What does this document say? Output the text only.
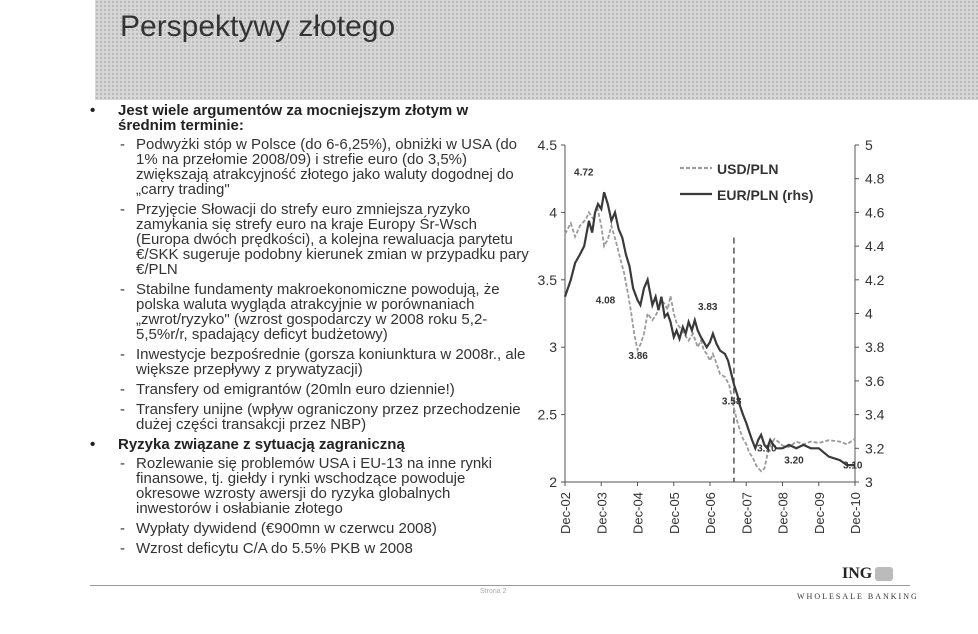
Perspektywy złotego
• Jest wiele argumentów za mocniejszym złotym w średnim terminie:
- Podwyżki stóp w Polsce (do 6-6,25%), obniżki w USA (do 1% na przełomie 2008/09) i strefie euro (do 3,5%) zwiększają atrakcyjność złotego jako waluty dogodnej do „carry trading"
- Przyjęcie Słowacji do strefy euro zmniejsza ryzyko zamykania się strefy euro na kraje Europy Śr-Wsch (Europa dwóch prędkości), a kolejna rewaluacja parytetu €/SKK sugeruje podobny kierunek zmian w przypadku pary €/PLN
- Stabilne fundamenty makroekonomiczne powodują, że polska waluta wygląda atrakcyjnie w porównaniach „zwrot/ryzyko" (wzrost gospodarczy w 2008 roku 5,2-5,5%r/r, spadający deficyt budżetowy)
- Inwestycje bezpośrednie (gorsza koniunktura w 2008r., ale większe przepływy z prywatyzacji)
- Transfery od emigrantów (20mln euro dziennie!)
- Transfery unijne (wpływ ograniczony przez przechodzenie dużej części transakcji przez NBP)
• Ryzyka związane z sytuacją zagraniczną
- Rozlewanie się problemów USA i EU-13 na inne rynki finansowe, tj. giełdy i rynki wschodzące powoduje okresowe wzrosty awersji do ryzyka globalnych inwestorów i osłabianie złotego
- Wypłaty dywidend (€900mn w czerwcu 2008)
- Wzrost deficytu C/A do 5.5% PKB w 2008
2
2.5
3
3.5
4
4.5
3
3.2
3.4
3.6
3.8
4
4.2
4.4
4.6
4.8
5
Dec-02 Dec-03 Dec-04 Dec-05 Dec-06 Dec-07 Dec-08 Dec-09 Dec-10
USD/PLN
EUR/PLN (rhs)
4.72
4.08
3.83
3.86
3.58
3.10
3.20	3.10
Strona 2
ING
WHOLESALE BANKING
